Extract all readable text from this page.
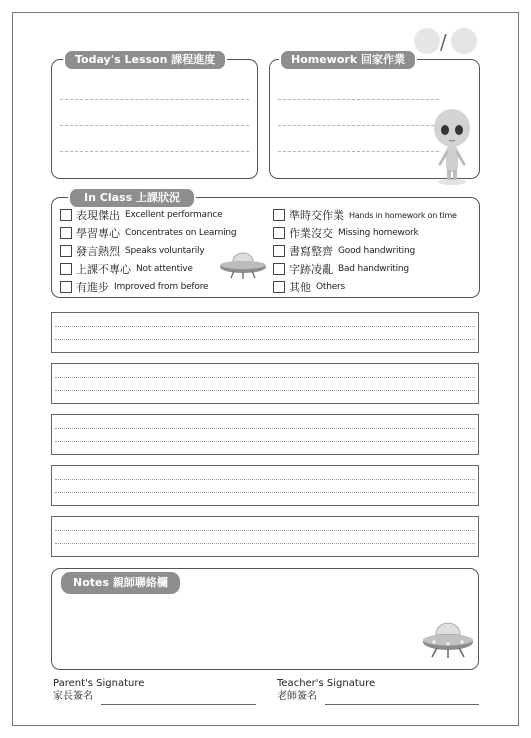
/
Today's Lesson 課程進度	Homework 回家作業
In Class 上課狀況
表現傑出 Excellent performance
學習專心 Concentrates on Learning
發言熱烈 Speaks voluntarily
上課不專心 Not attentive
有進步 Improved from before
準時交作業 Hands in homework on time
作業沒交 Missing homework
書寫整齊 Good handwriting
字跡凌亂 Bad handwriting
其他 Others
Notes 親師聯絡欄
Parent's Signature
家長簽名
Teacher's Signature
老師簽名
